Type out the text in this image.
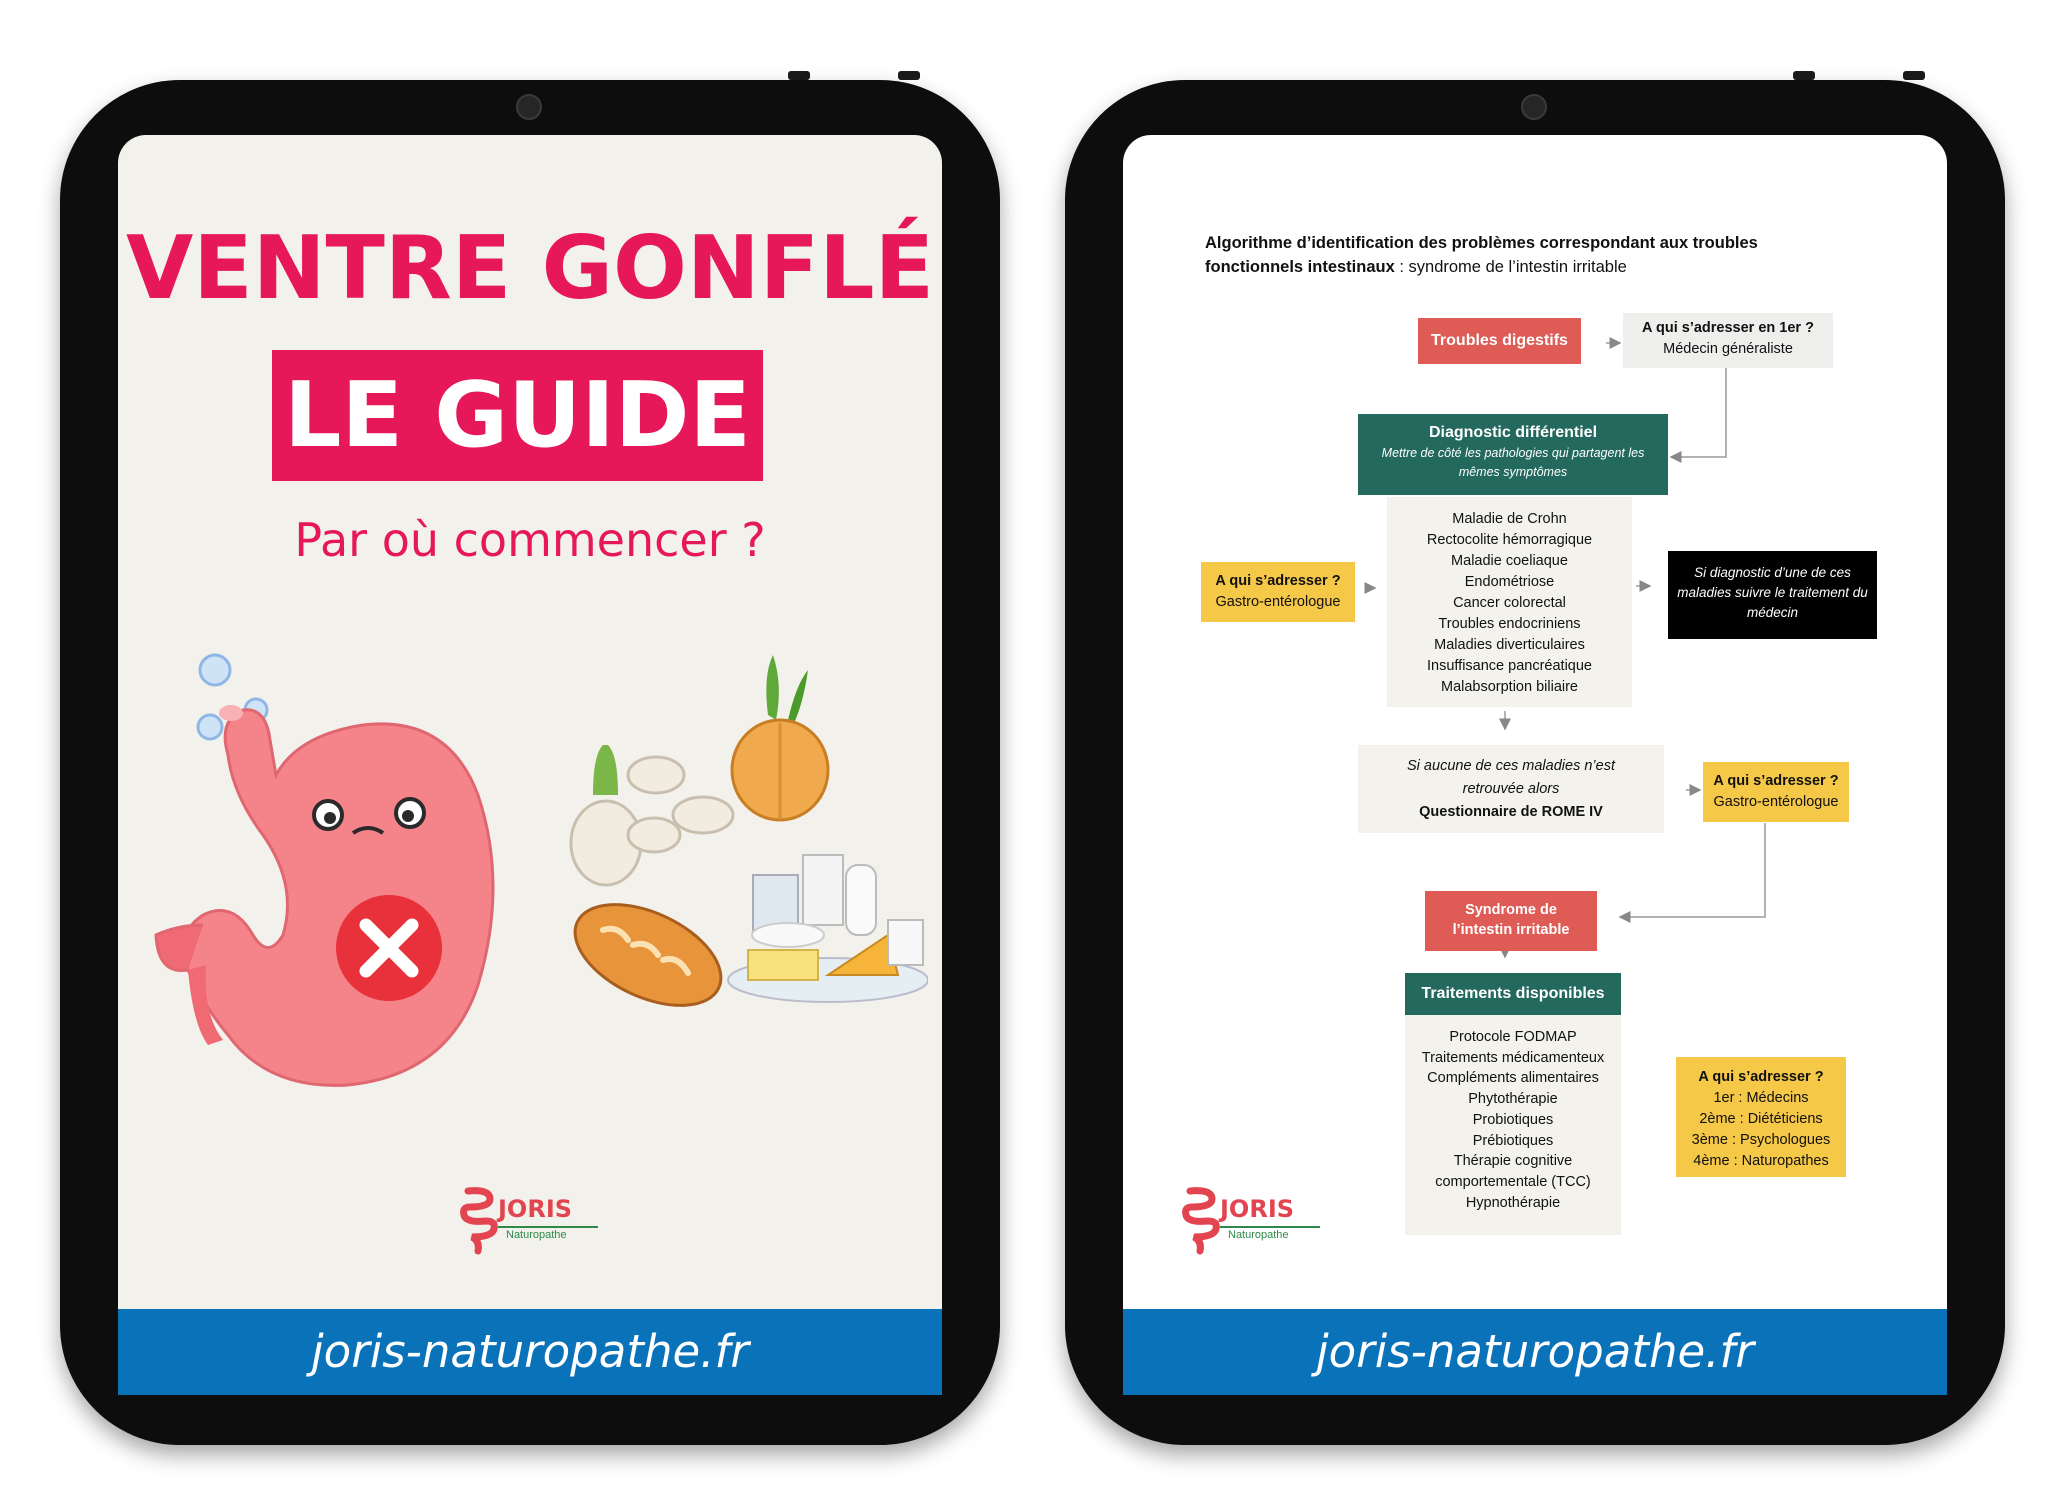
VENTRE GONFLÉ
LE GUIDE
Par où commencer ?
JORIS
Naturopathe
joris-naturopathe.fr
Algorithme d’identification des problèmes correspondant aux troubles fonctionnels intestinaux : syndrome de l’intestin irritable
Troubles digestifs
A qui s’adresser en 1er ?
Médecin généraliste
Diagnostic différentiel
Mettre de côté les pathologies qui partagent les mêmes symptômes
Maladie de Crohn
Rectocolite hémorragique
Maladie coeliaque
Endométriose
Cancer colorectal
Troubles endocriniens
Maladies diverticulaires
Insuffisance pancréatique
Malabsorption biliaire
A qui s’adresser ?
Gastro-entérologue
Si diagnostic d’une de ces maladies suivre le traitement du médecin
Si aucune de ces maladies n’est
retrouvée alors
Questionnaire de ROME IV
A qui s’adresser ?
Gastro-entérologue
Syndrome de
l’intestin irritable
Traitements disponibles
Protocole FODMAP
Traitements médicamenteux
Compléments alimentaires
Phytothérapie
Probiotiques
Prébiotiques
Thérapie cognitive
comportementale (TCC)
Hypnothérapie
A qui s’adresser ?
1er : Médecins
2ème : Diététiciens
3ème : Psychologues
4ème : Naturopathes
JORIS
Naturopathe
joris-naturopathe.fr
